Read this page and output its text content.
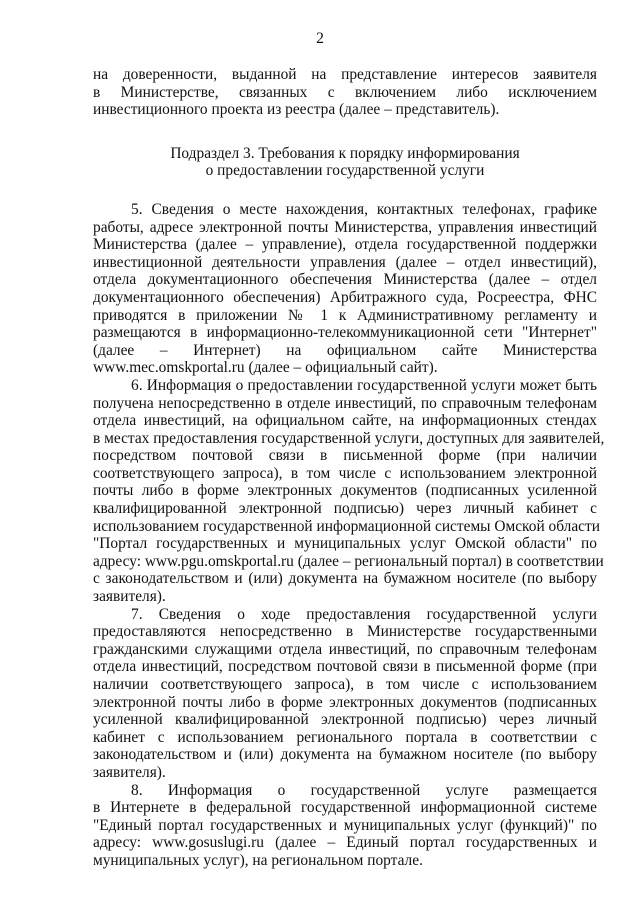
2
на доверенности, выданной на представление интересов заявителя
в Министерстве, связанных с включением либо исключением
инвестиционного проекта из реестра (далее – представитель).
Подраздел 3. Требования к порядку информирования
о предоставлении государственной услуги
5. Сведения о месте нахождения, контактных телефонах, графике
работы, адресе электронной почты Министерства, управления инвестиций
Министерства (далее – управление), отдела государственной поддержки
инвестиционной деятельности управления (далее – отдел инвестиций),
отдела документационного обеспечения Министерства (далее – отдел
документационного обеспечения) Арбитражного суда, Росреестра, ФНС
приводятся в приложении № 1 к Административному регламенту и
размещаются в информационно-телекоммуникационной сети "Интернет"
(далее – Интернет) на официальном сайте Министерства
www.mec.omskportal.ru (далее – официальный сайт).
6. Информация о предоставлении государственной услуги может быть
получена непосредственно в отделе инвестиций, по справочным телефонам
отдела инвестиций, на официальном сайте, на информационных стендах
в местах предоставления государственной услуги, доступных для заявителей,
посредством почтовой связи в письменной форме (при наличии
соответствующего запроса), в том числе с использованием электронной
почты либо в форме электронных документов (подписанных усиленной
квалифицированной электронной подписью) через личный кабинет с
использованием государственной информационной системы Омской области
"Портал государственных и муниципальных услуг Омской области" по
адресу: www.pgu.omskportal.ru (далее – региональный портал) в соответствии
с законодательством и (или) документа на бумажном носителе (по выбору
заявителя).
7. Сведения о ходе предоставления государственной услуги
предоставляются непосредственно в Министерстве государственными
гражданскими служащими отдела инвестиций, по справочным телефонам
отдела инвестиций, посредством почтовой связи в письменной форме (при
наличии соответствующего запроса), в том числе с использованием
электронной почты либо в форме электронных документов (подписанных
усиленной квалифицированной электронной подписью) через личный
кабинет с использованием регионального портала в соответствии с
законодательством и (или) документа на бумажном носителе (по выбору
заявителя).
8. Информация о государственной услуге размещается
в Интернете в федеральной государственной информационной системе
"Единый портал государственных и муниципальных услуг (функций)" по
адресу: www.gosuslugi.ru (далее – Единый портал государственных и
муниципальных услуг), на региональном портале.
